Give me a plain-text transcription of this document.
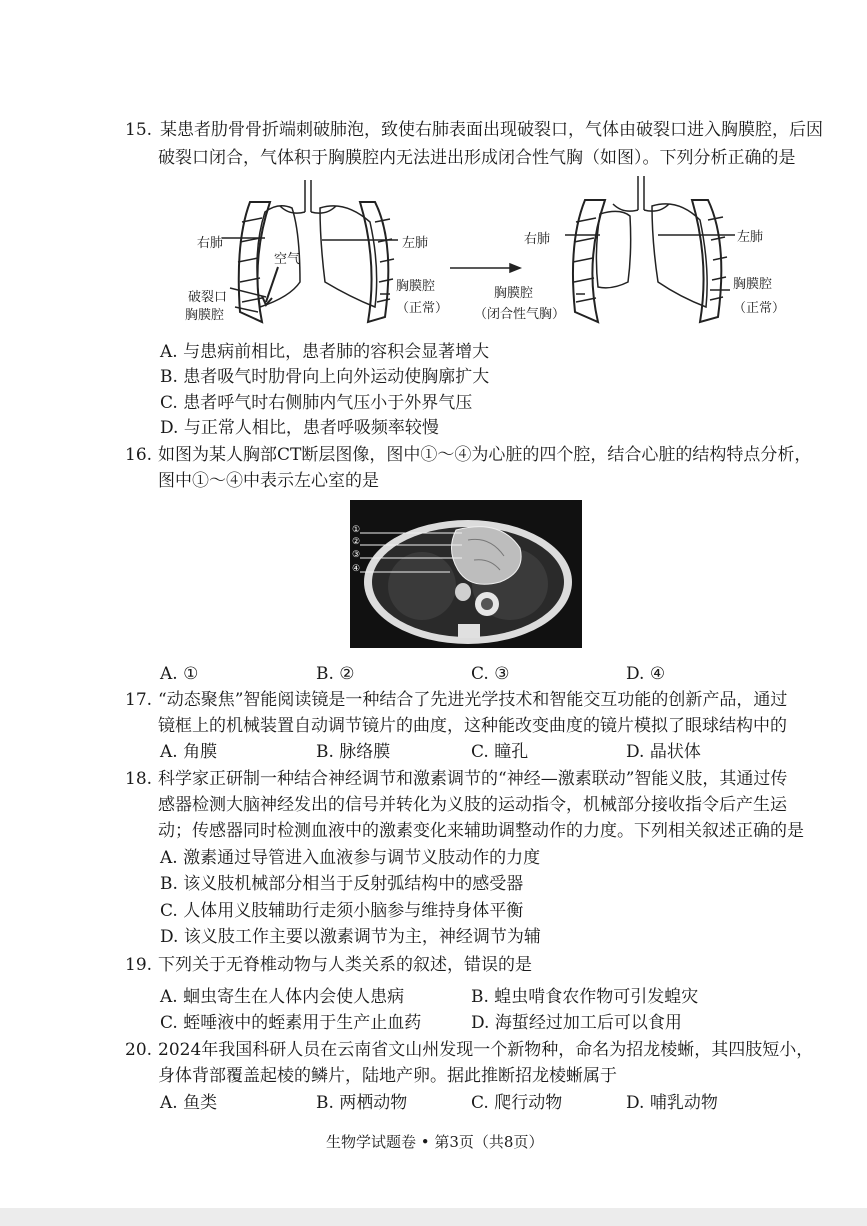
15. 某患者肋骨骨折端刺破肺泡，致使右肺表面出现破裂口，气体由破裂口进入胸膜腔，后因
破裂口闭合，气体积于胸膜腔内无法进出形成闭合性气胸（如图）。下列分析正确的是
右肺
空气
左肺
破裂口
胸膜腔
胸膜腔
（正常）
右肺	左肺
胸膜腔
（闭合性气胸）
胸膜腔
（正常）
A. 与患病前相比，患者肺的容积会显著增大
B. 患者吸气时肋骨向上向外运动使胸廓扩大
C. 患者呼气时右侧肺内气压小于外界气压
D. 与正常人相比，患者呼吸频率较慢
16. 如图为某人胸部CT断层图像，图中①～④为心脏的四个腔，结合心脏的结构特点分析，
图中①～④中表示左心室的是
①
②
③
④
A. ①	B. ②	C. ③	D. ④
17. “动态聚焦”智能阅读镜是一种结合了先进光学技术和智能交互功能的创新产品，通过
镜框上的机械装置自动调节镜片的曲度，这种能改变曲度的镜片模拟了眼球结构中的
A. 角膜	B. 脉络膜	C. 瞳孔	D. 晶状体
18. 科学家正研制一种结合神经调节和激素调节的“神经—激素联动”智能义肢，其通过传
感器检测大脑神经发出的信号并转化为义肢的运动指令，机械部分接收指令后产生运
动；传感器同时检测血液中的激素变化来辅助调整动作的力度。下列相关叙述正确的是
A. 激素通过导管进入血液参与调节义肢动作的力度
B. 该义肢机械部分相当于反射弧结构中的感受器
C. 人体用义肢辅助行走须小脑参与维持身体平衡
D. 该义肢工作主要以激素调节为主，神经调节为辅
19. 下列关于无脊椎动物与人类关系的叙述，错误的是
A. 蛔虫寄生在人体内会使人患病	B. 蝗虫啃食农作物可引发蝗灾
C. 蛭唾液中的蛭素用于生产止血药	D. 海蜇经过加工后可以食用
20. 2024年我国科研人员在云南省文山州发现一个新物种，命名为招龙棱蜥，其四肢短小，
身体背部覆盖起棱的鳞片，陆地产卵。据此推断招龙棱蜥属于
A. 鱼类	B. 两栖动物	C. 爬行动物	D. 哺乳动物
生物学试题卷 • 第3页（共8页）
